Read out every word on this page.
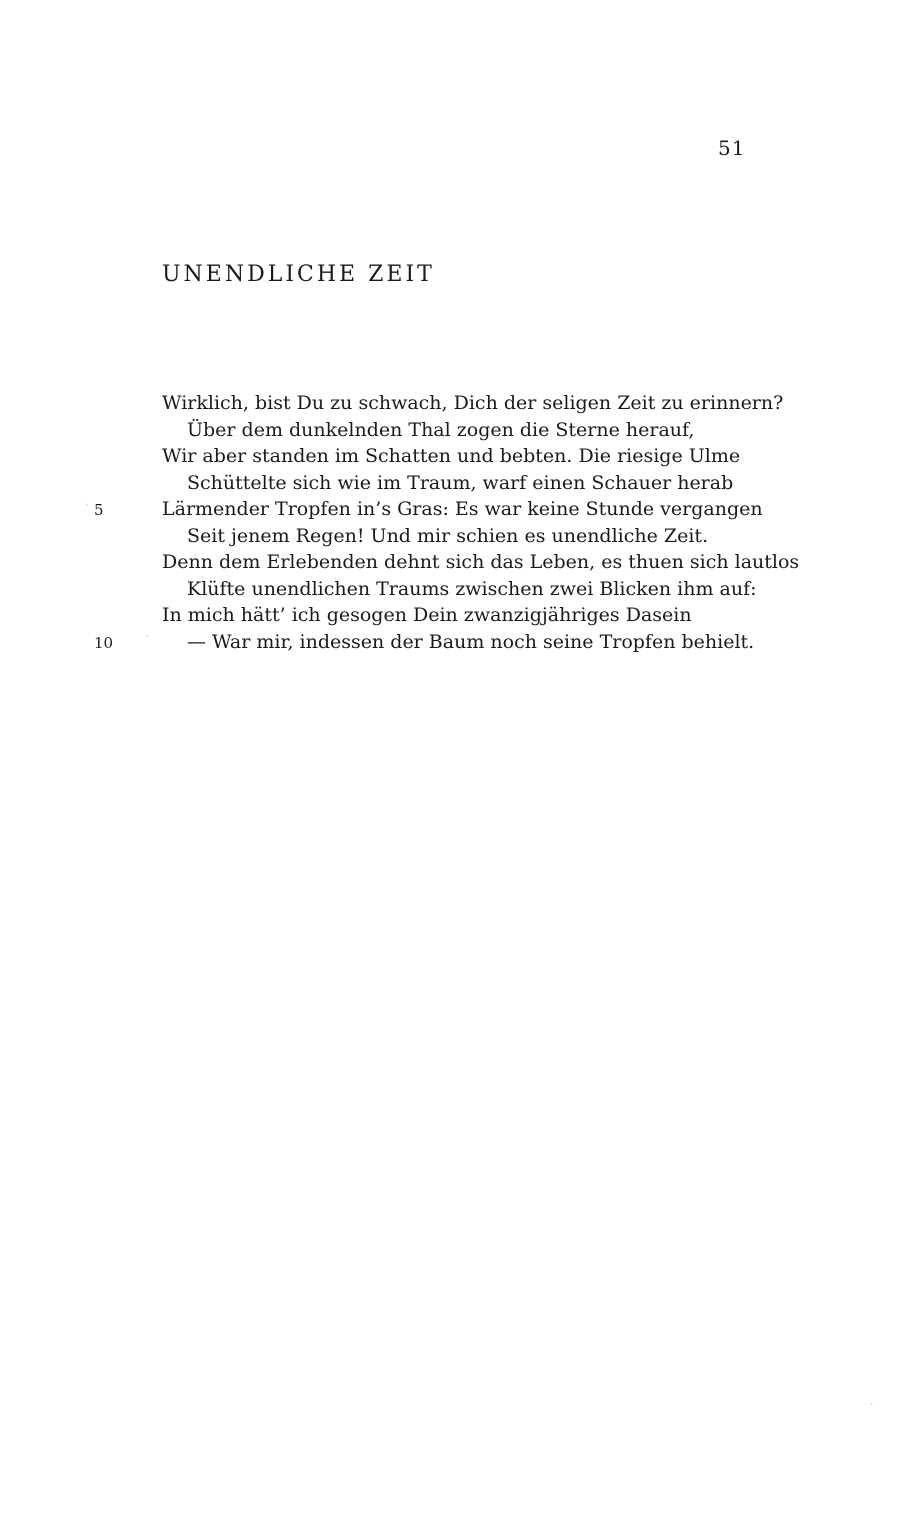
51
UNENDLICHE ZEIT
Wirklich, bist Du zu schwach, Dich der seligen Zeit zu erinnern?
Über dem dunkelnden Thal zogen die Sterne herauf,
Wir aber standen im Schatten und bebten. Die riesige Ulme
Schüttelte sich wie im Traum, warf einen Schauer herab
5	Lärmender Tropfen in’s Gras: Es war keine Stunde vergangen
Seit jenem Regen! Und mir schien es unendliche Zeit.
Denn dem Erlebenden dehnt sich das Leben, es thuen sich lautlos
Klüfte unendlichen Traums zwischen zwei Blicken ihm auf:
In mich hätt’ ich gesogen Dein zwanzigjähriges Dasein
10	— War mir, indessen der Baum noch seine Tropfen behielt.
·
·
·
